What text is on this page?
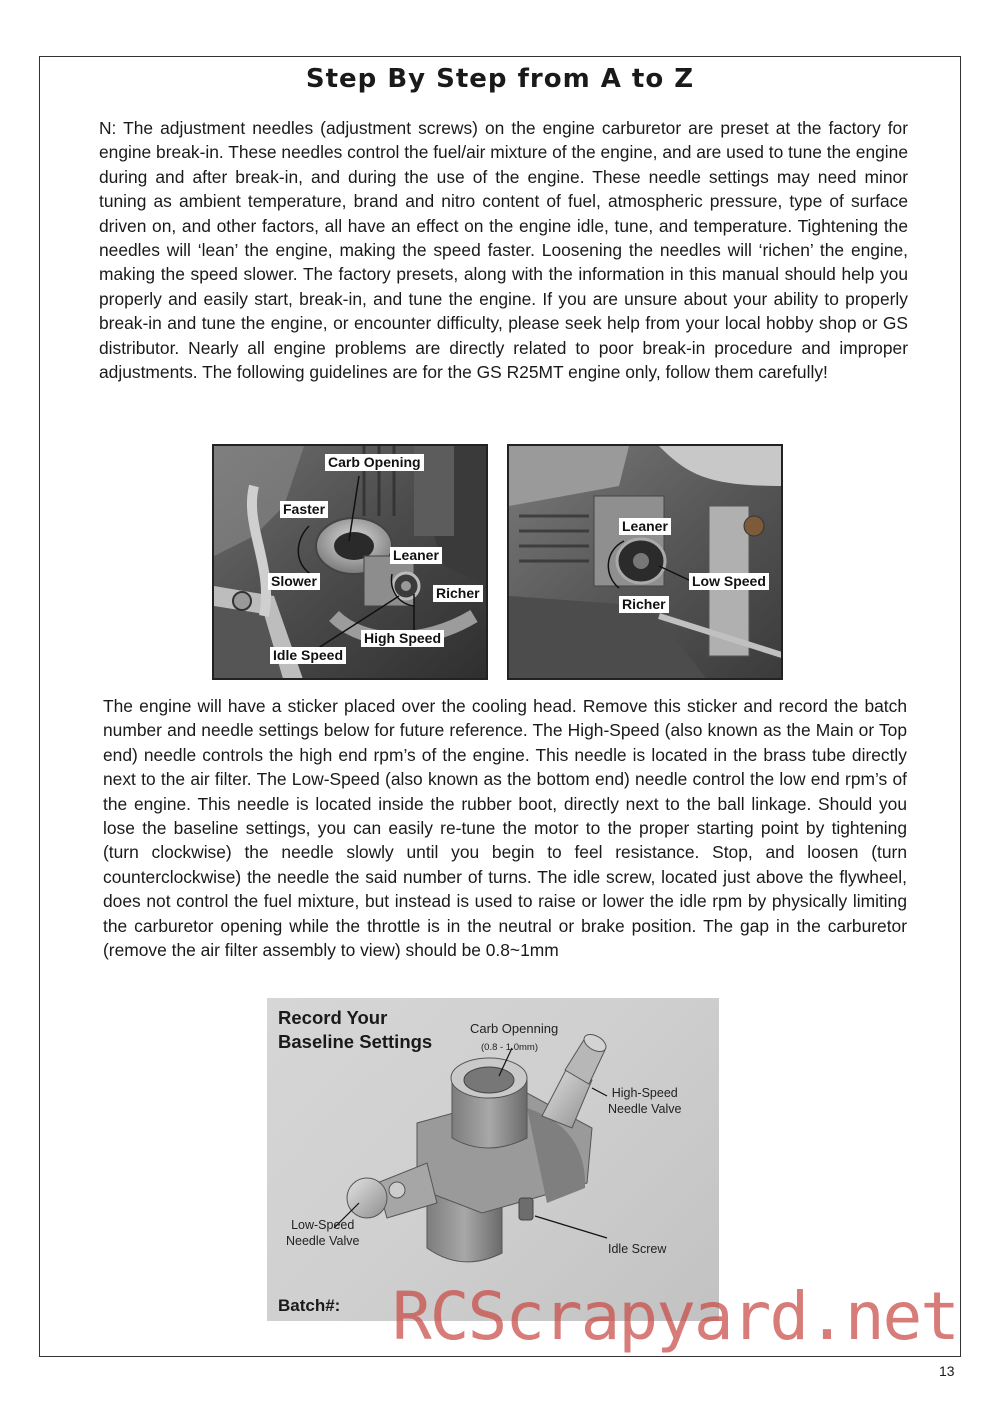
Step By Step from A to Z

N: The adjustment needles (adjustment screws) on the engine carburetor are preset at the factory for engine break-in. These needles control the fuel/air mixture of the engine, and are used to tune the engine during and after break-in, and during the use of the engine. These needle settings may need minor tuning as ambient temperature, brand and nitro content of fuel, atmospheric pressure, type of surface driven on, and other factors, all have an effect on the engine idle, tune, and temperature. Tightening the needles will ‘lean’ the engine, making the speed faster. Loosening the needles will ‘richen’ the engine, making the speed slower. The factory presets, along with the information in this manual should help you properly and easily start, break-in, and tune the engine. If you are unsure about your ability to properly break-in and tune the engine, or encounter difficulty, please seek help from your local hobby shop or GS distributor. Nearly all engine problems are directly related to poor break-in procedure and improper adjustments. The following guidelines are for the GS R25MT engine only, follow them carefully!

Carb Opening
Faster
Leaner
Slower
Richer
High Speed
Idle Speed
Leaner
Low Speed
Richer

The engine will have a sticker placed over the cooling head. Remove this sticker and record the batch number and needle settings below for future reference. The High-Speed (also known as the Main or Top end) needle controls the high end rpm’s of the engine. This needle is located in the brass tube directly next to the air filter. The Low-Speed (also known as the bottom end) needle control the low end rpm’s of the engine. This needle is located inside the rubber boot, directly next to the ball linkage. Should you lose the baseline settings, you can easily re-tune the motor to the proper starting point by tightening (turn clockwise) the needle slowly until you begin to feel resistance. Stop, and loosen (turn counterclockwise) the needle the said number of turns. The idle screw, located just above the flywheel, does not control the fuel mixture, but instead is used to raise or lower the idle rpm by physically limiting the carburetor opening while the throttle is in the neutral or brake position. The gap in the carburetor (remove the air filter assembly to view) should be 0.8~1mm

Record Your
Baseline Settings
Carb Openning
(0.8 - 1.0mm)
High-Speed
Needle Valve
Low-Speed
Needle Valve
Idle Screw
Batch#: RCScrapyard.net
13
